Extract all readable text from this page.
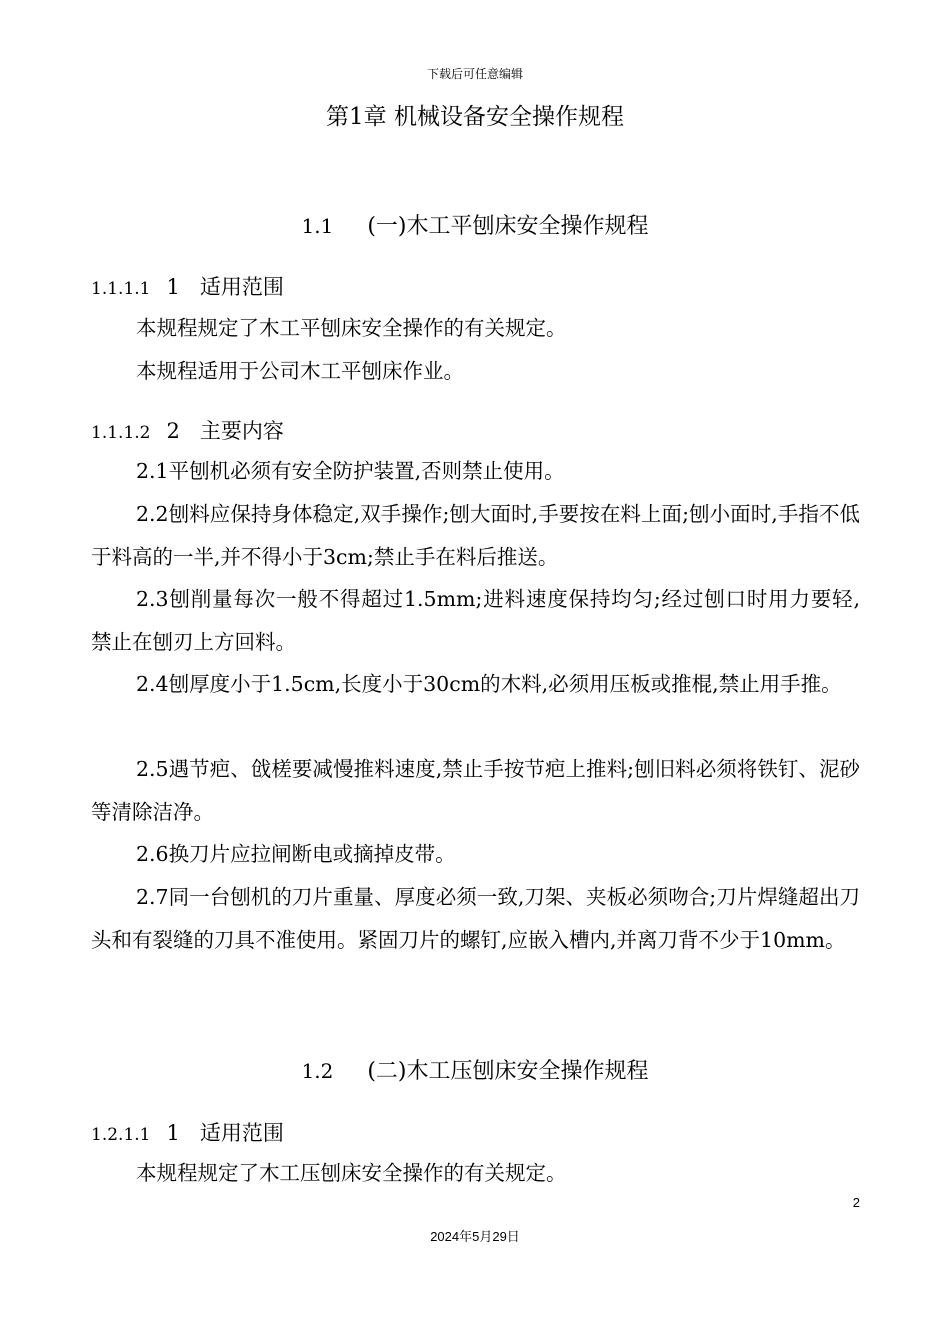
下载后可任意编辑
第1章 机械设备安全操作规程
1.1 (一)木工平刨床安全操作规程
1.1.1.1 1 适用范围
本规程规定了木工平刨床安全操作的有关规定。
本规程适用于公司木工平刨床作业。
1.1.1.2 2 主要内容
2.1平刨机必须有安全防护装置,否则禁止使用。
2.2刨料应保持身体稳定,双手操作;刨大面时,手要按在料上面;刨小面时,手指不低于料高的一半,并不得小于3cm;禁止手在料后推送。
2.3刨削量每次一般不得超过1.5mm;进料速度保持均匀;经过刨口时用力要轻, 禁止在刨刃上方回料。
2.4刨厚度小于1.5cm,长度小于30cm的木料,必须用压板或推棍,禁止用手推。
2.5遇节疤、戗槎要减慢推料速度,禁止手按节疤上推料;刨旧料必须将铁钉、泥砂等清除洁净。
2.6换刀片应拉闸断电或摘掉皮带。
2.7同一台刨机的刀片重量、厚度必须一致,刀架、夹板必须吻合;刀片焊缝超出刀头和有裂缝的刀具不准使用。紧固刀片的螺钉,应嵌入槽内,并离刀背不少于10mm。
1.2 (二)木工压刨床安全操作规程
1.2.1.1 1 适用范围
本规程规定了木工压刨床安全操作的有关规定。
2
2024年5月29日
